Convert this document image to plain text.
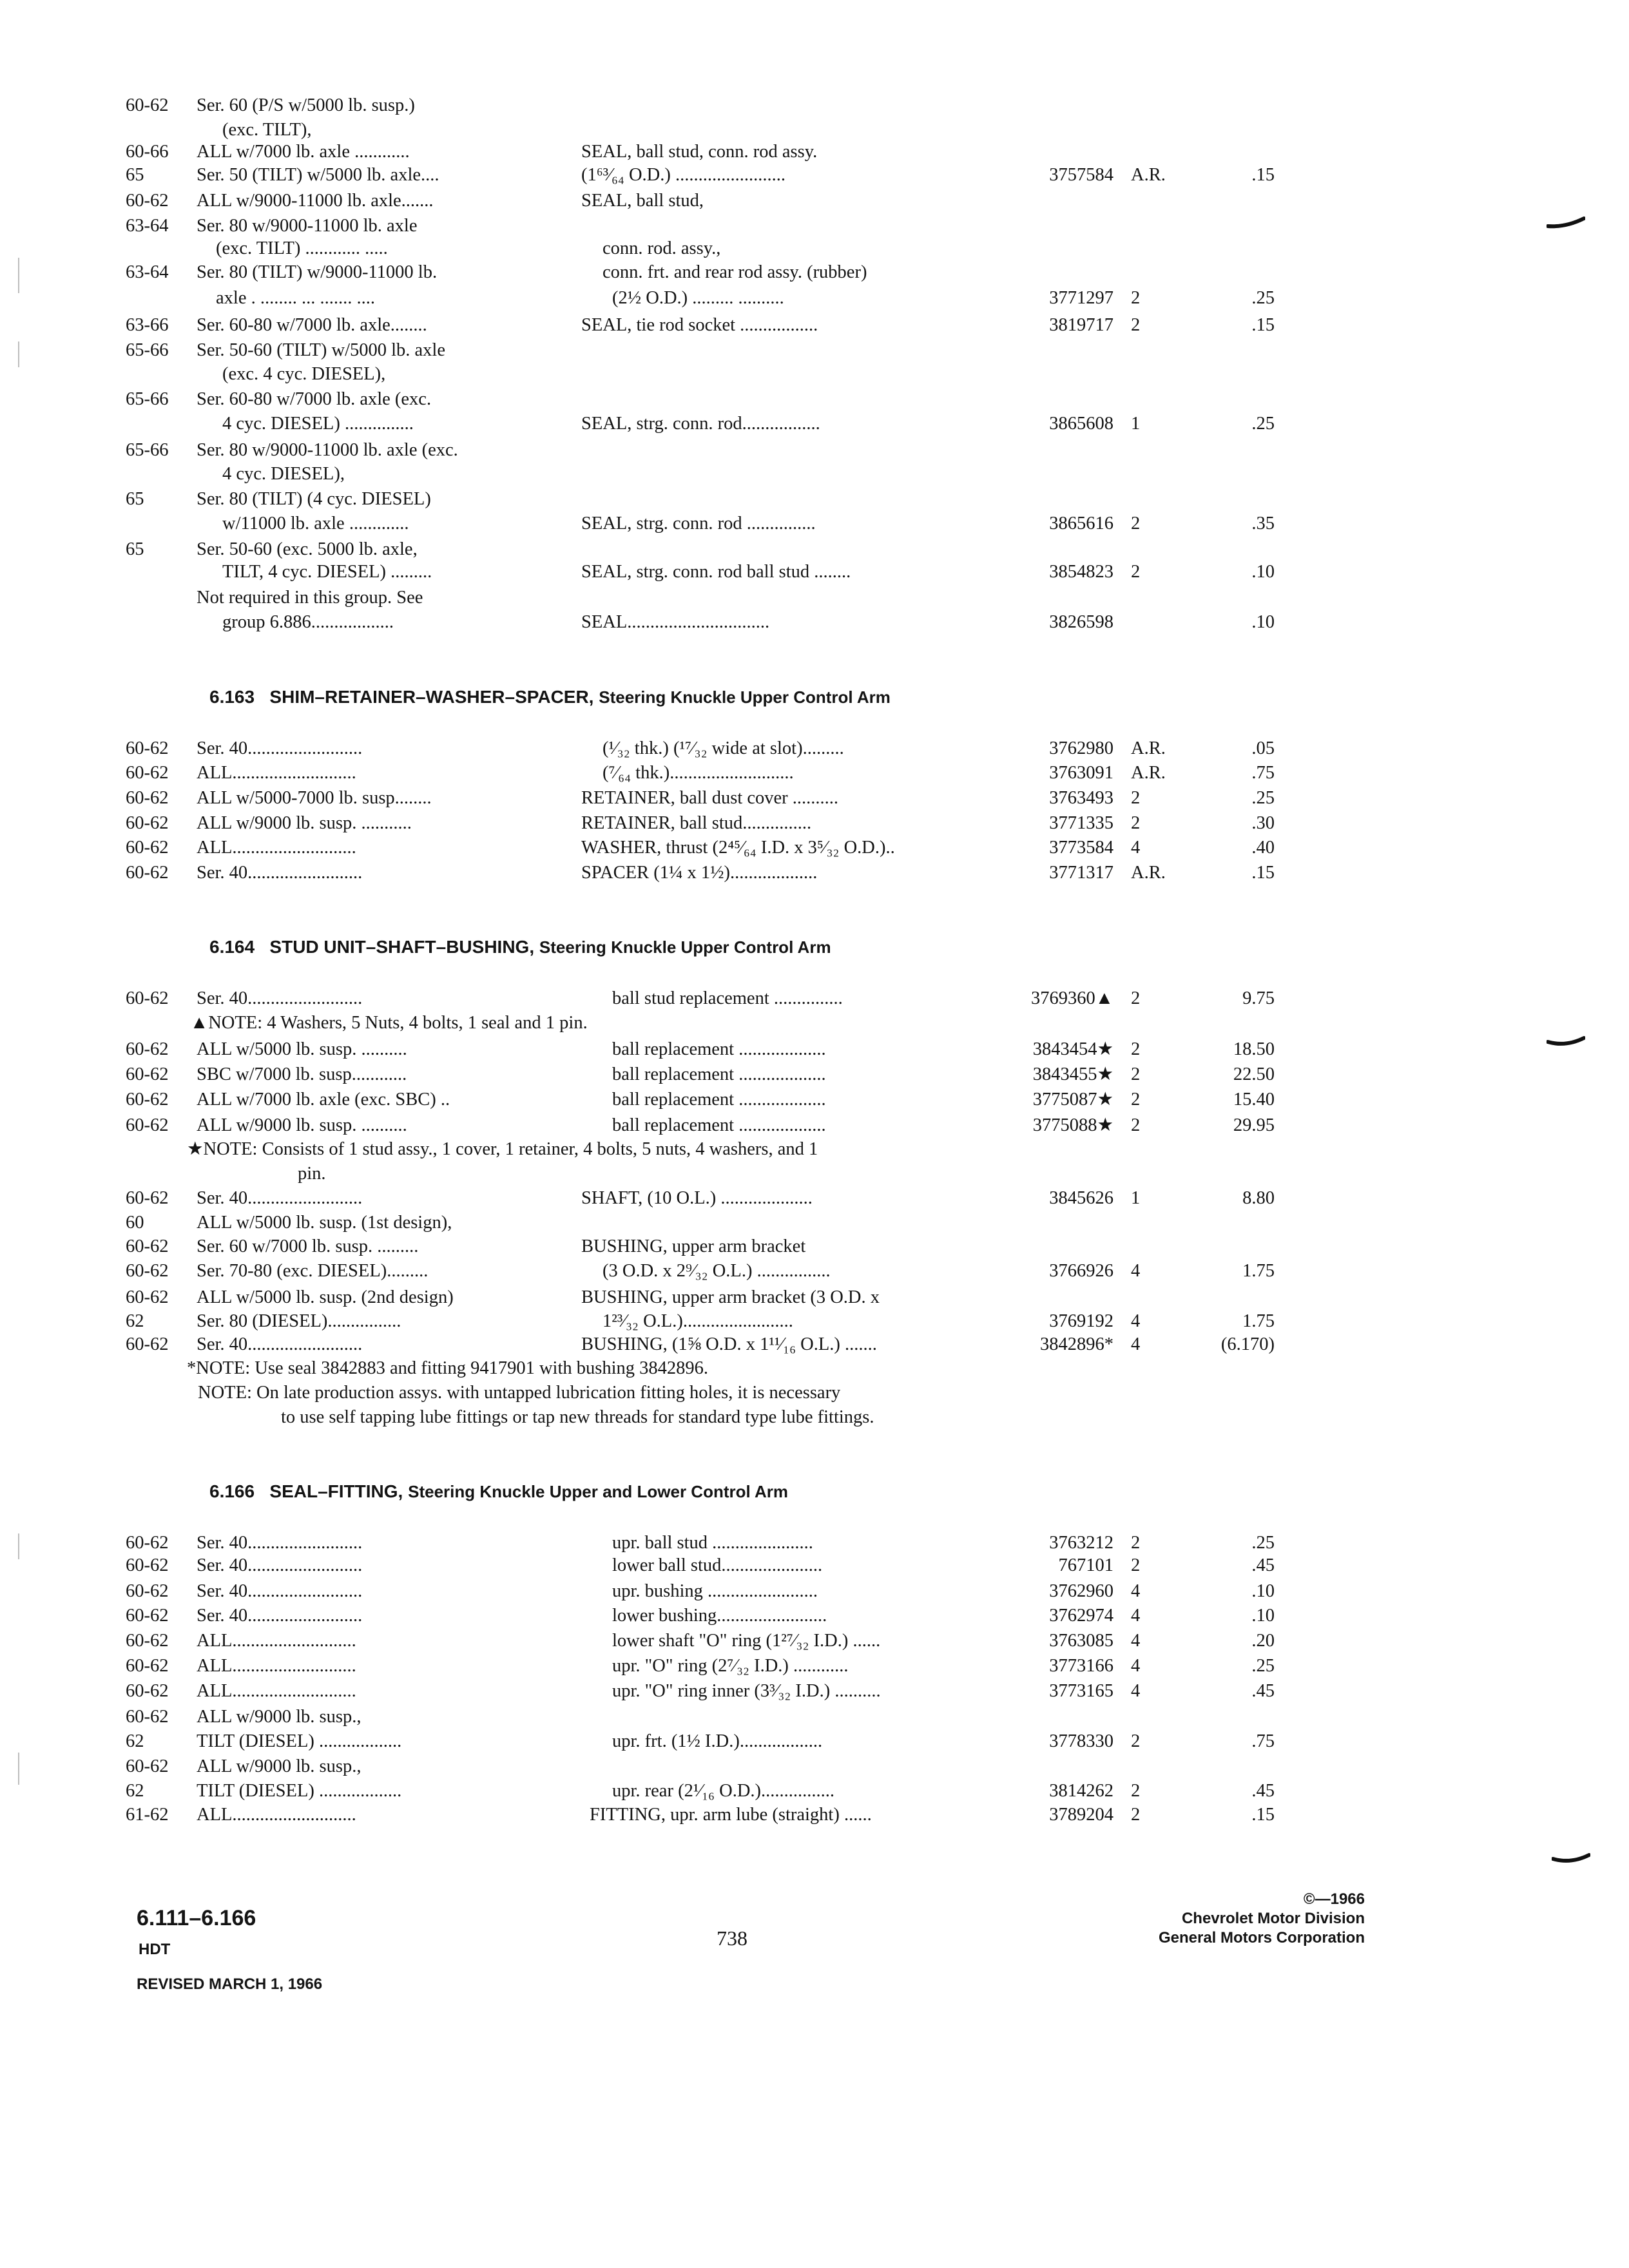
60-62 Ser. 60 (P/S w/5000 lb. susp.)
(exc. TILT),
60-66 ALL w/7000 lb. axle ............	SEAL, ball stud, conn. rod assy.
65	Ser. 50 (TILT) w/5000 lb. axle....	(1⁶³⁄₆₄ O.D.) ........................	3757584 A.R.	.15
60-62 ALL w/9000-11000 lb. axle.......	SEAL, ball stud,
63-64 Ser. 80 w/9000-11000 lb. axle
(exc. TILT) ............ .....	conn. rod. assy.,
63-64 Ser. 80 (TILT) w/9000-11000 lb.	conn. frt. and rear rod assy. (rubber)
axle . ........ ... ....... ....	(2½ O.D.) ......... ..........	3771297 2	.25
63-66 Ser. 60-80 w/7000 lb. axle........	SEAL, tie rod socket .................	3819717 2	.15
65-66 Ser. 50-60 (TILT) w/5000 lb. axle
(exc. 4 cyc. DIESEL),
65-66 Ser. 60-80 w/7000 lb. axle (exc.
4 cyc. DIESEL) ...............	SEAL, strg. conn. rod.................	3865608 1	.25
65-66 Ser. 80 w/9000-11000 lb. axle (exc.
4 cyc. DIESEL),
65	Ser. 80 (TILT) (4 cyc. DIESEL)
w/11000 lb. axle .............	SEAL, strg. conn. rod ...............	3865616 2	.35
65	Ser. 50-60 (exc. 5000 lb. axle,
TILT, 4 cyc. DIESEL) .........	SEAL, strg. conn. rod ball stud ........	3854823 2	.10
Not required in this group. See
group 6.886..................	SEAL...............................	3826598	.10
6.163 SHIM–RETAINER–WASHER–SPACER, Steering Knuckle Upper Control Arm
60-62 Ser. 40.........................	(¹⁄₃₂ thk.) (¹⁷⁄₃₂ wide at slot).........	3762980 A.R.	.05
60-62 ALL...........................	(⁷⁄₆₄ thk.)...........................	3763091 A.R.	.75
60-62 ALL w/5000-7000 lb. susp........	RETAINER, ball dust cover ..........	3763493 2	.25
60-62 ALL w/9000 lb. susp. ...........	RETAINER, ball stud...............	3771335 2	.30
60-62 ALL...........................	WASHER, thrust (2⁴⁵⁄₆₄ I.D. x 3⁵⁄₃₂ O.D.)..	3773584 4	.40
60-62 Ser. 40.........................	SPACER (1¼ x 1½)...................	3771317 A.R.	.15
6.164 STUD UNIT–SHAFT–BUSHING, Steering Knuckle Upper Control Arm
60-62 Ser. 40.........................	ball stud replacement ...............	3769360▲ 2	9.75
▲NOTE: 4 Washers, 5 Nuts, 4 bolts, 1 seal and 1 pin.
60-62 ALL w/5000 lb. susp. ..........	ball replacement ...................	3843454★ 2	18.50
60-62 SBC w/7000 lb. susp............	ball replacement ...................	3843455★ 2	22.50
60-62 ALL w/7000 lb. axle (exc. SBC) ..	ball replacement ...................	3775087★ 2	15.40
60-62 ALL w/9000 lb. susp. ..........	ball replacement ...................	3775088★ 2	29.95
★NOTE: Consists of 1 stud assy., 1 cover, 1 retainer, 4 bolts, 5 nuts, 4 washers, and 1
pin.
60-62 Ser. 40.........................	SHAFT, (10 O.L.) ....................	3845626 1	8.80
60	ALL w/5000 lb. susp. (1st design),
60-62 Ser. 60 w/7000 lb. susp. .........	BUSHING, upper arm bracket
60-62 Ser. 70-80 (exc. DIESEL).........	(3 O.D. x 2⁹⁄₃₂ O.L.) ................	3766926 4	1.75
60-62 ALL w/5000 lb. susp. (2nd design)	BUSHING, upper arm bracket (3 O.D. x
62	Ser. 80 (DIESEL)................	1²³⁄₃₂ O.L.)........................	3769192 4	1.75
60-62 Ser. 40.........................	BUSHING, (1⅝ O.D. x 1¹¹⁄₁₆ O.L.) .......	3842896* 4	(6.170)
*NOTE: Use seal 3842883 and fitting 9417901 with bushing 3842896.
NOTE: On late production assys. with untapped lubrication fitting holes, it is necessary
to use self tapping lube fittings or tap new threads for standard type lube fittings.
6.166 SEAL–FITTING, Steering Knuckle Upper and Lower Control Arm
60-62 Ser. 40.........................	upr. ball stud ......................	3763212 2	.25
60-62 Ser. 40.........................	lower ball stud......................	767101 2	.45
60-62 Ser. 40.........................	upr. bushing ........................	3762960 4	.10
60-62 Ser. 40.........................	lower bushing........................	3762974 4	.10
60-62 ALL...........................	lower shaft "O" ring (1²⁷⁄₃₂ I.D.) ......	3763085 4	.20
60-62 ALL...........................	upr. "O" ring (2⁷⁄₃₂ I.D.) ............	3773166 4	.25
60-62 ALL...........................	upr. "O" ring inner (3³⁄₃₂ I.D.) ..........	3773165 4	.45
60-62 ALL w/9000 lb. susp.,
62	TILT (DIESEL) ..................	upr. frt. (1½ I.D.)..................	3778330 2	.75
60-62 ALL w/9000 lb. susp.,
62	TILT (DIESEL) ..................	upr. rear (2¹⁄₁₆ O.D.)................	3814262 2	.45
61-62 ALL...........................	FITTING, upr. arm lube (straight) ......	3789204 2	.15
6.111–6.166
HDT
REVISED MARCH 1, 1966
738
©—1966
Chevrolet Motor Division
General Motors Corporation
